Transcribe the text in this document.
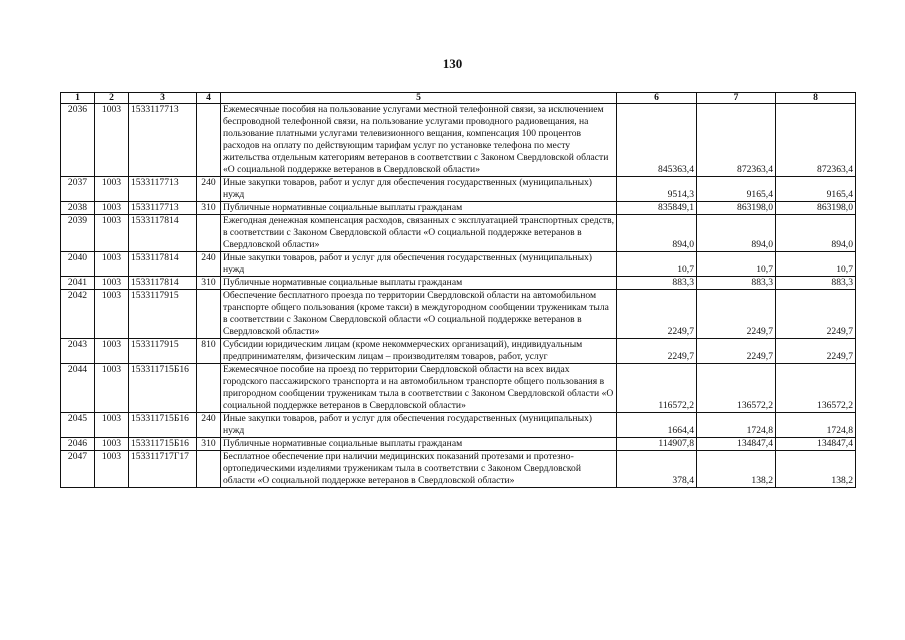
130
1	2	3	4	5	6	7	8
2036	1003	1533117713		Ежемесячные пособия на пользование услугами местной телефонной связи, за исключением беспроводной телефонной связи, на пользование услугами проводного радиовещания, на пользование платными услугами телевизионного вещания, компенсация 100 процентов расходов на оплату по действующим тарифам услуг по установке телефона по месту жительства отдельным категориям ветеранов в соответствии с Законом Свердловской области «О социальной поддержке ветеранов в Свердловской области»	845363,4	872363,4	872363,4
2037	1003	1533117713	240	Иные закупки товаров, работ и услуг для обеспечения государственных (муниципальных) нужд	9514,3	9165,4	9165,4
2038	1003	1533117713	310	Публичные нормативные социальные выплаты гражданам	835849,1	863198,0	863198,0
2039	1003	1533117814		Ежегодная денежная компенсация расходов, связанных с эксплуатацией транспортных средств, в соответствии с Законом Свердловской области «О социальной поддержке ветеранов в Свердловской области»	894,0	894,0	894,0
2040	1003	1533117814	240	Иные закупки товаров, работ и услуг для обеспечения государственных (муниципальных) нужд	10,7	10,7	10,7
2041	1003	1533117814	310	Публичные нормативные социальные выплаты гражданам	883,3	883,3	883,3
2042	1003	1533117915		Обеспечение бесплатного проезда по территории Свердловской области на автомобильном транспорте общего пользования (кроме такси) в междугородном сообщении труженикам тыла в соответствии с Законом Свердловской области «О социальной поддержке ветеранов в Свердловской области»	2249,7	2249,7	2249,7
2043	1003	1533117915	810	Субсидии юридическим лицам (кроме некоммерческих организаций), индивидуальным предпринимателям, физическим лицам – производителям товаров, работ, услуг	2249,7	2249,7	2249,7
2044	1003	153311715Б16		Ежемесячное пособие на проезд по территории Свердловской области на всех видах городского пассажирского транспорта и на автомобильном транспорте общего пользования в пригородном сообщении труженикам тыла в соответствии с Законом Свердловской области «О социальной поддержке ветеранов в Свердловской области»	116572,2	136572,2	136572,2
2045	1003	153311715Б16	240	Иные закупки товаров, работ и услуг для обеспечения государственных (муниципальных) нужд	1664,4	1724,8	1724,8
2046	1003	153311715Б16	310	Публичные нормативные социальные выплаты гражданам	114907,8	134847,4	134847,4
2047	1003	153311717Г17		Бесплатное обеспечение при наличии медицинских показаний протезами и протезно-ортопедическими изделиями труженикам тыла в соответствии с Законом Свердловской области «О социальной поддержке ветеранов в Свердловской области»	378,4	138,2	138,2
